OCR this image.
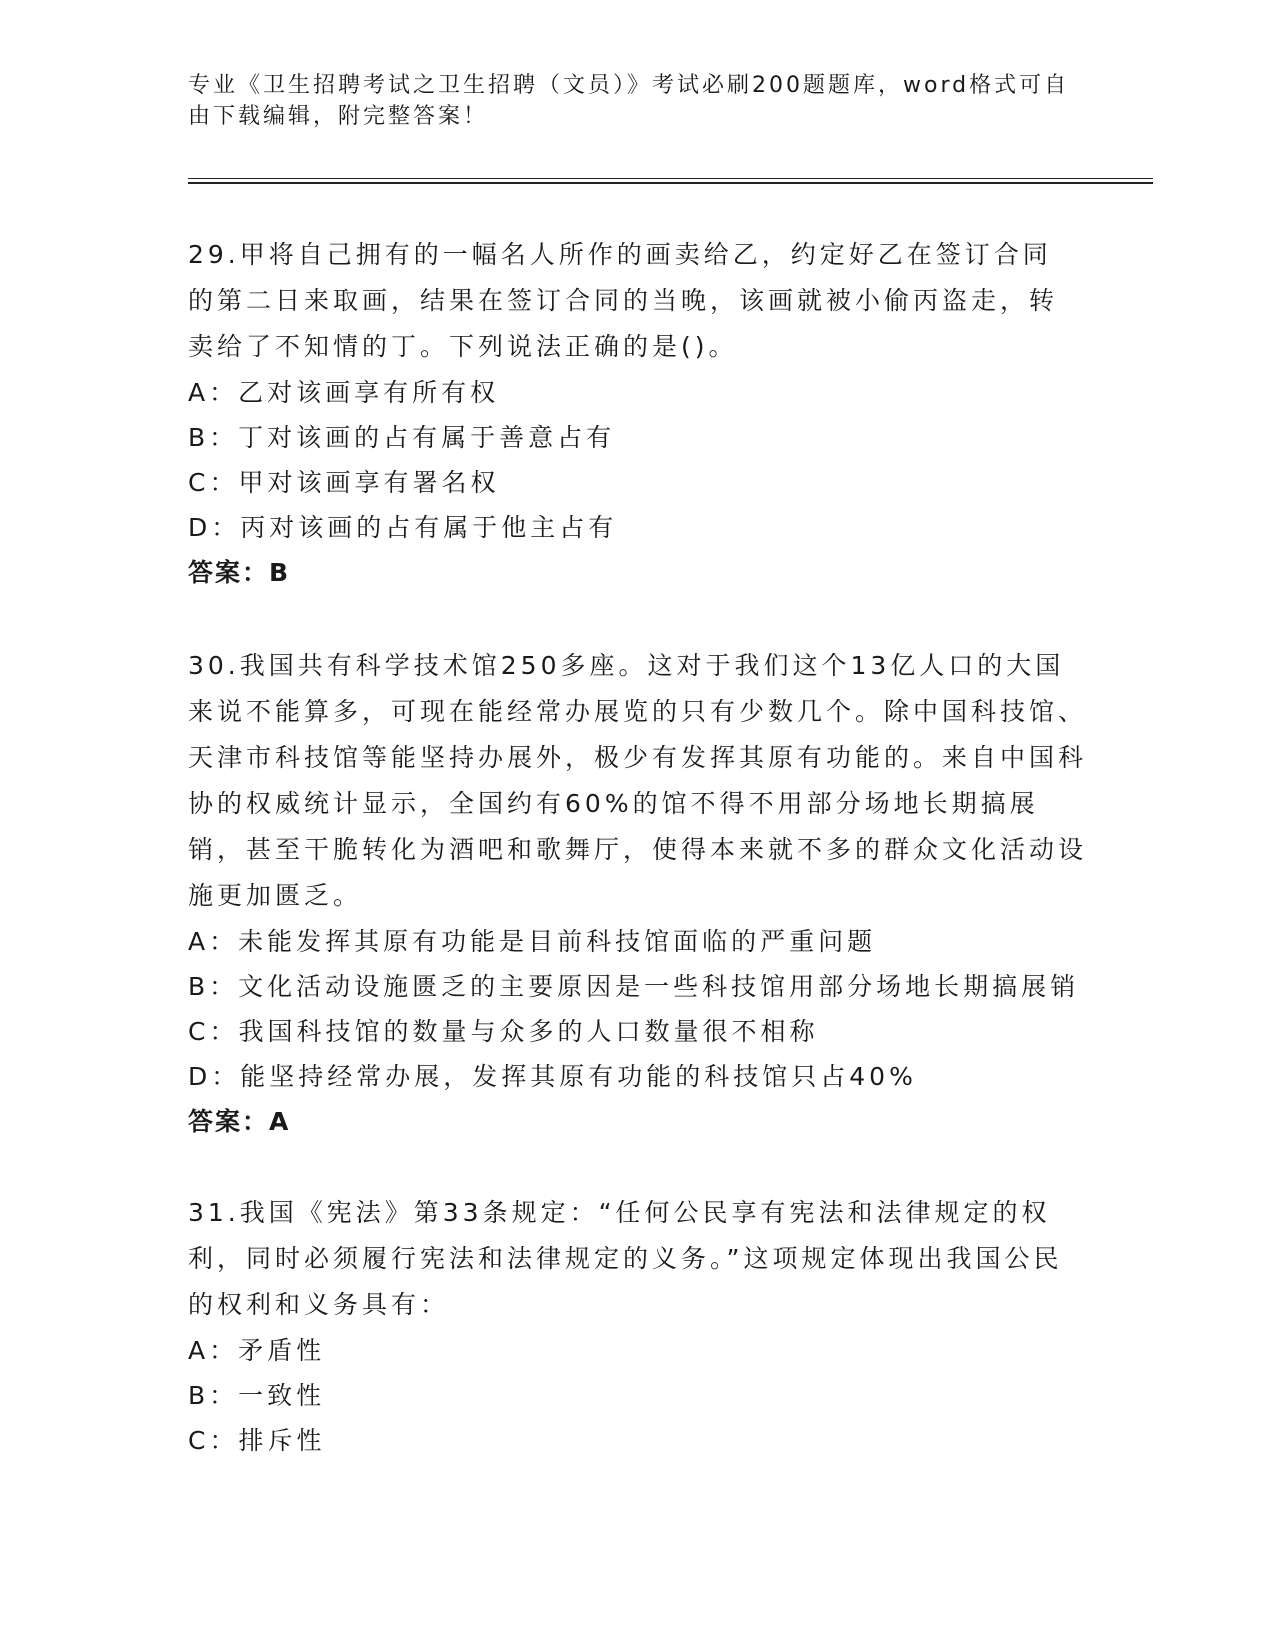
专业《卫生招聘考试之卫生招聘（文员）》考试必刷200题题库，word格式可自由下载编辑，附完整答案！

29.甲将自己拥有的一幅名人所作的画卖给乙，约定好乙在签订合同的第二日来取画，结果在签订合同的当晚，该画就被小偷丙盗走，转卖给了不知情的丁。下列说法正确的是()。

A：乙对该画享有所有权

B：丁对该画的占有属于善意占有

C：甲对该画享有署名权

D：丙对该画的占有属于他主占有

答案：B

30.我国共有科学技术馆250多座。这对于我们这个13亿人口的大国来说不能算多，可现在能经常办展览的只有少数几个。除中国科技馆、天津市科技馆等能坚持办展外，极少有发挥其原有功能的。来自中国科协的权威统计显示，全国约有60%的馆不得不用部分场地长期搞展销，甚至干脆转化为酒吧和歌舞厅，使得本来就不多的群众文化活动设施更加匮乏。

A：未能发挥其原有功能是目前科技馆面临的严重问题

B：文化活动设施匮乏的主要原因是一些科技馆用部分场地长期搞展销

C：我国科技馆的数量与众多的人口数量很不相称

D：能坚持经常办展，发挥其原有功能的科技馆只占40%

答案：A

31.我国《宪法》第33条规定：“任何公民享有宪法和法律规定的权利，同时必须履行宪法和法律规定的义务。”这项规定体现出我国公民的权利和义务具有：

A：矛盾性

B：一致性

C：排斥性
